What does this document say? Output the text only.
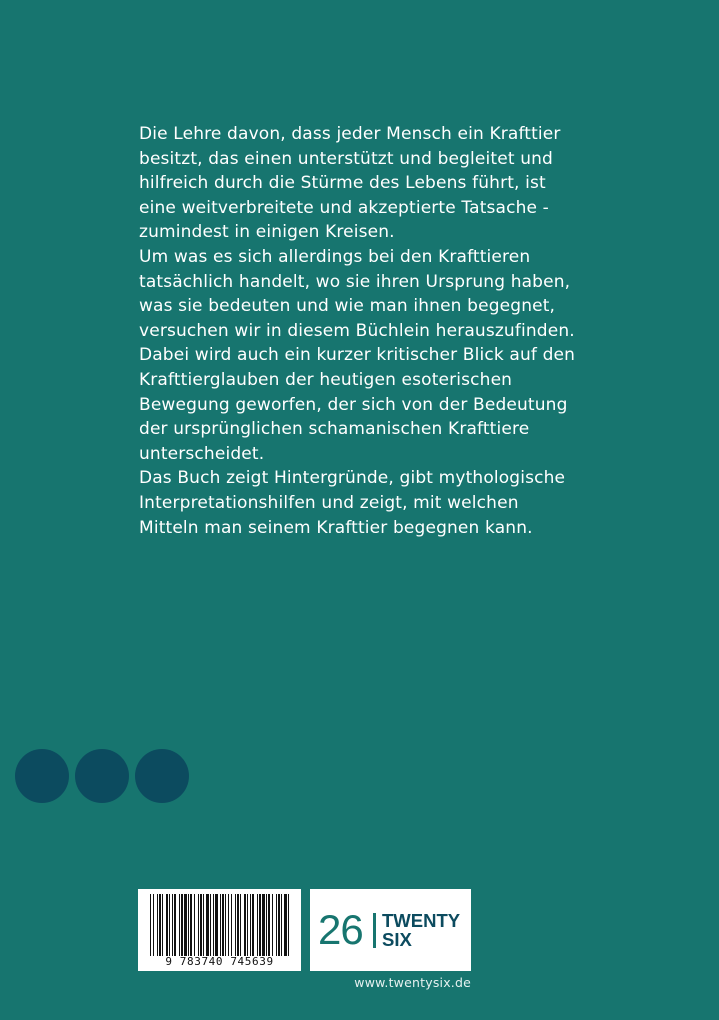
Die Lehre davon, dass jeder Mensch ein Krafttier

besitzt, das einen unterstützt und begleitet und

hilfreich durch die Stürme des Lebens führt, ist

eine weitverbreitete und akzeptierte Tatsache -

zumindest in einigen Kreisen.

Um was es sich allerdings bei den Krafttieren

tatsächlich handelt, wo sie ihren Ursprung haben,

was sie bedeuten und wie man ihnen begegnet,

versuchen wir in diesem Büchlein herauszufinden.

Dabei wird auch ein kurzer kritischer Blick auf den

Krafttierglauben der heutigen esoterischen

Bewegung geworfen, der sich von der Bedeutung

der ursprünglichen schamanischen Krafttiere

unterscheidet.

Das Buch zeigt Hintergründe, gibt mythologische

Interpretationshilfen und zeigt, mit welchen

Mitteln man seinem Krafttier begegnen kann.

9 783740 745639
26 TWENTY
SIX
www.twentysix.de
